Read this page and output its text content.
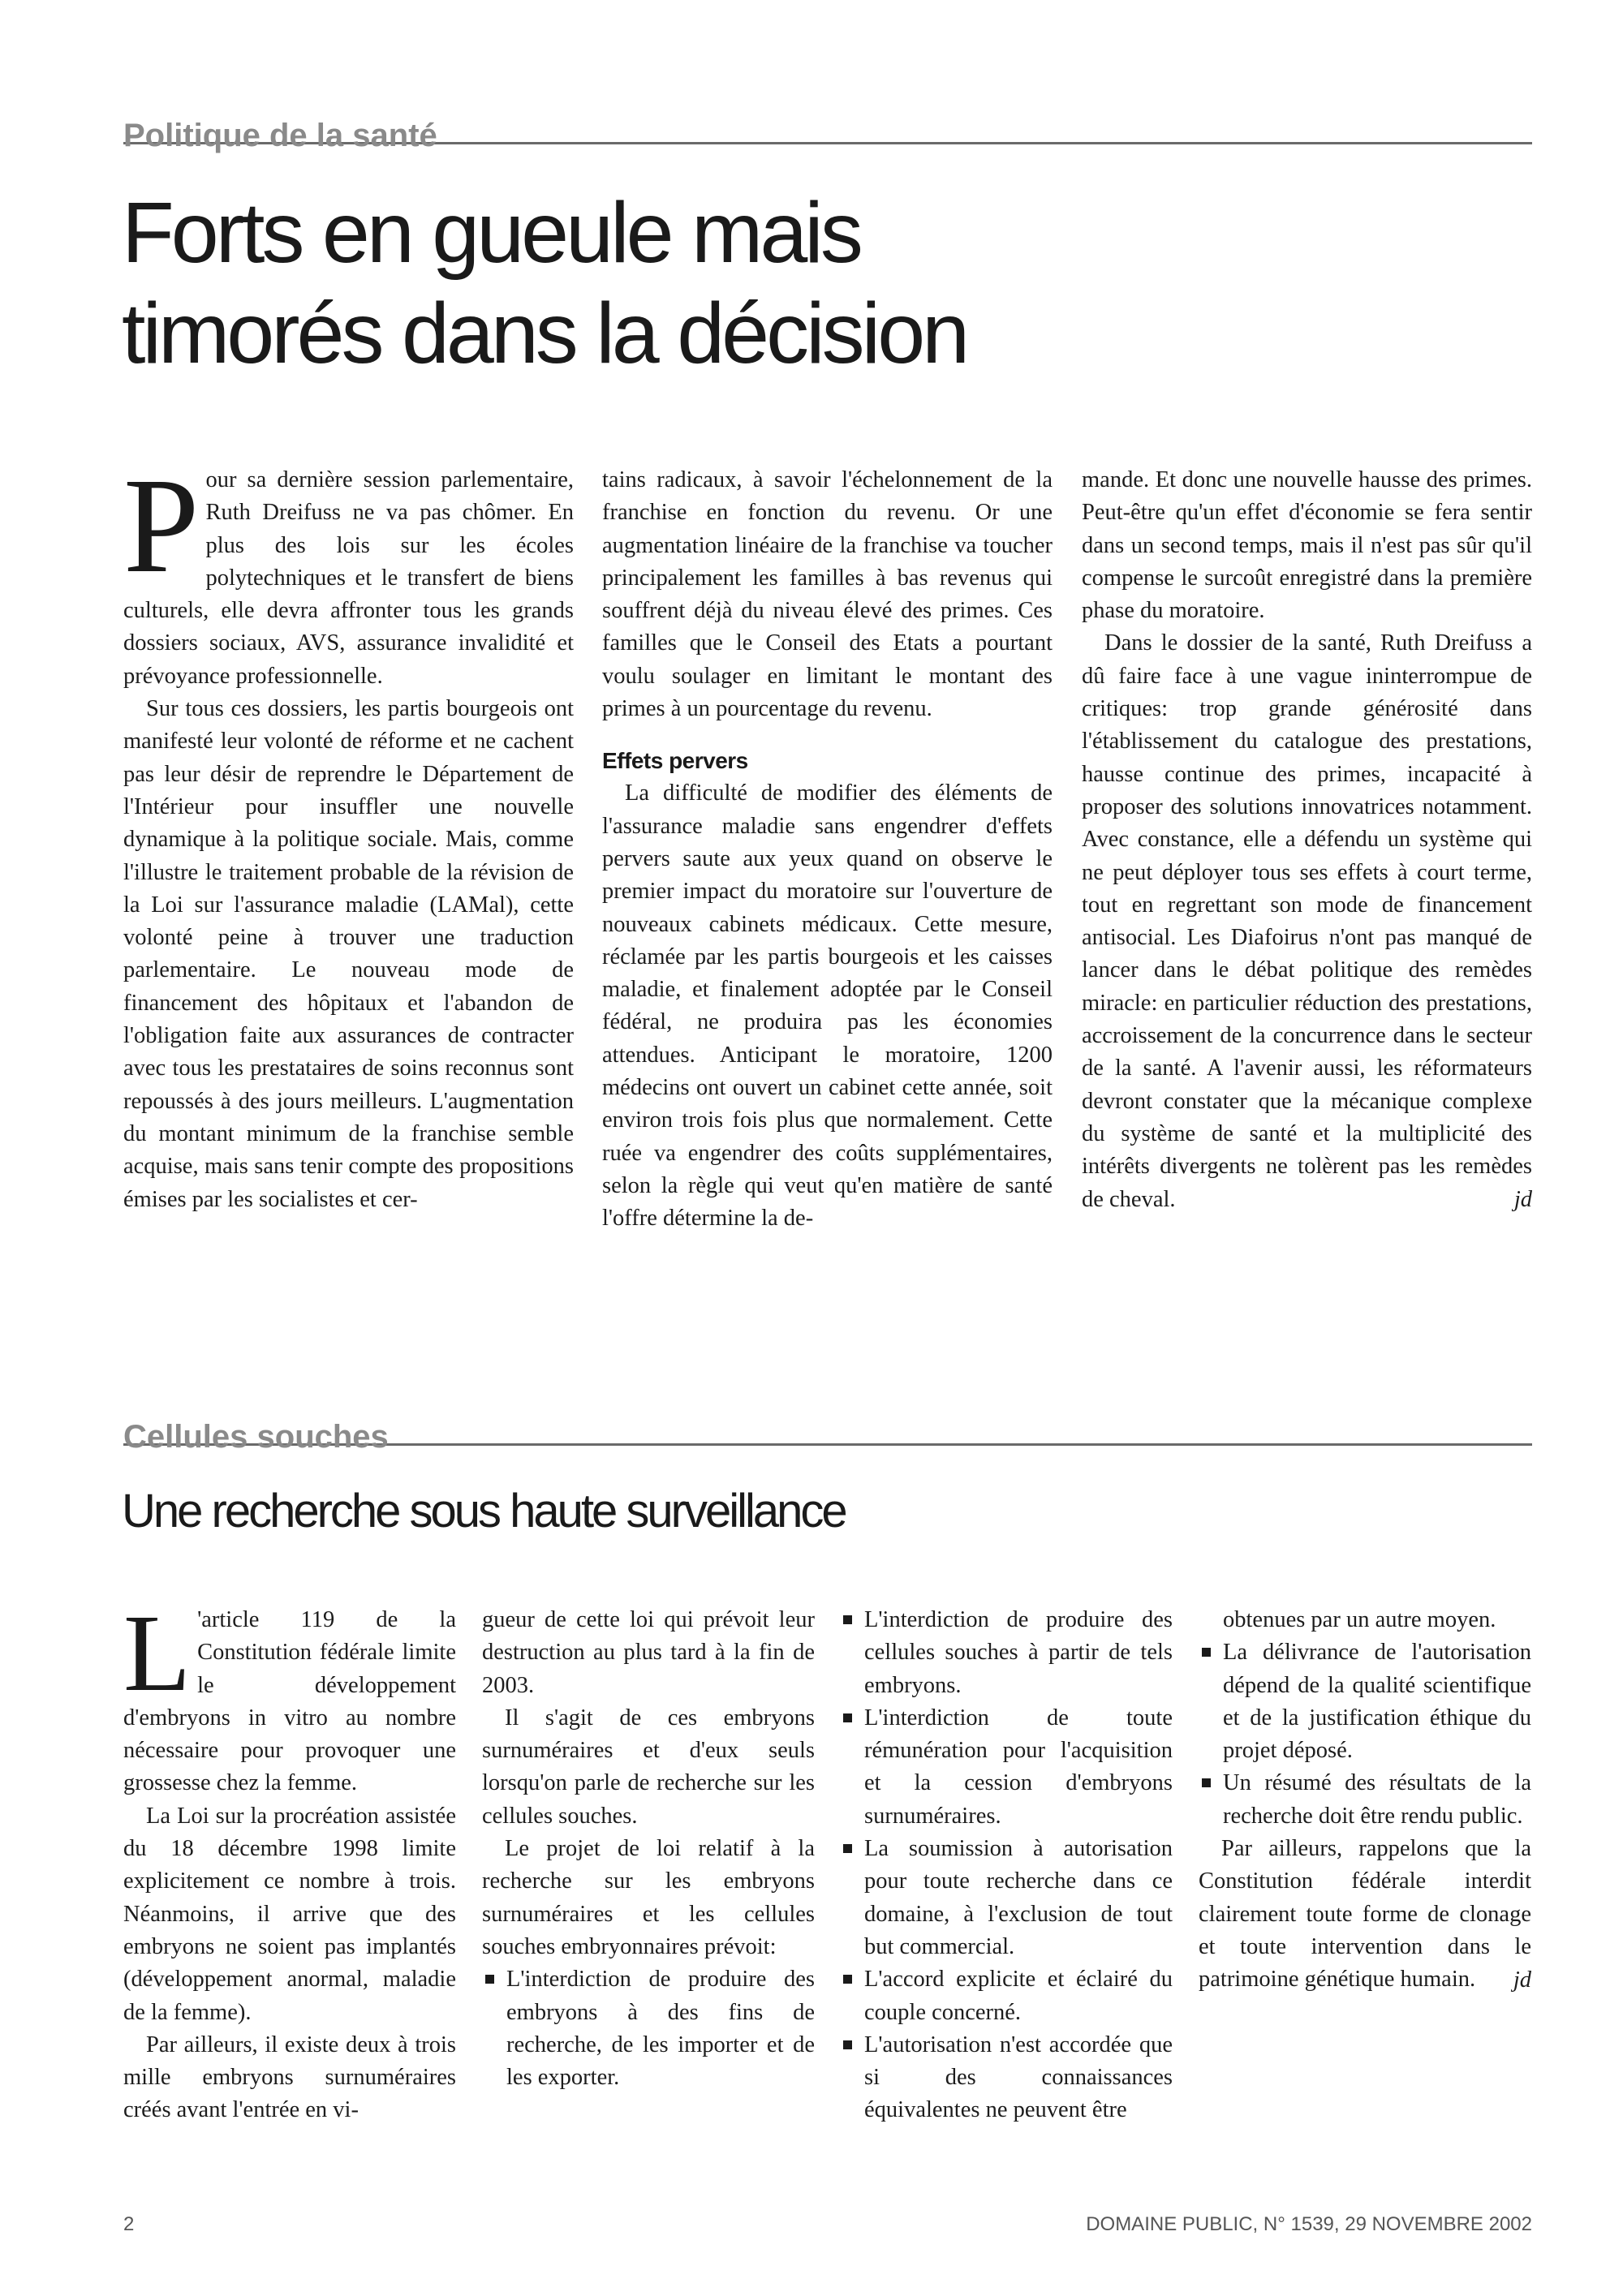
Politique de la santé
Forts en gueule mais
timorés dans la décision

Pour sa dernière session parlementaire, Ruth Dreifuss ne va pas chômer. En plus des lois sur les écoles polytechniques et le transfert de biens culturels, elle devra affronter tous les grands dossiers sociaux, AVS, assurance invalidité et prévoyance professionnelle.

Sur tous ces dossiers, les partis bourgeois ont manifesté leur volonté de réforme et ne cachent pas leur désir de reprendre le Département de l'Intérieur pour insuffler une nouvelle dynamique à la politique sociale. Mais, comme l'illustre le traitement probable de la révision de la Loi sur l'assurance maladie (LAMal), cette volonté peine à trouver une traduction parlementaire. Le nouveau mode de financement des hôpitaux et l'abandon de l'obligation faite aux assurances de contracter avec tous les prestataires de soins reconnus sont repoussés à des jours meilleurs. L'augmentation du montant minimum de la franchise semble acquise, mais sans tenir compte des propositions émises par les socialistes et cer-

tains radicaux, à savoir l'échelonnement de la franchise en fonction du revenu. Or une augmentation linéaire de la franchise va toucher principalement les familles à bas revenus qui souffrent déjà du niveau élevé des primes. Ces familles que le Conseil des Etats a pourtant voulu soulager en limitant le montant des primes à un pourcentage du revenu.

Effets pervers

La difficulté de modifier des éléments de l'assurance maladie sans engendrer d'effets pervers saute aux yeux quand on observe le premier impact du moratoire sur l'ouverture de nouveaux cabinets médicaux. Cette mesure, réclamée par les partis bourgeois et les caisses maladie, et finalement adoptée par le Conseil fédéral, ne produira pas les économies attendues. Anticipant le moratoire, 1200 médecins ont ouvert un cabinet cette année, soit environ trois fois plus que normalement. Cette ruée va engendrer des coûts supplémentaires, selon la règle qui veut qu'en matière de santé l'offre détermine la de-

mande. Et donc une nouvelle hausse des primes. Peut-être qu'un effet d'économie se fera sentir dans un second temps, mais il n'est pas sûr qu'il compense le surcoût enregistré dans la première phase du moratoire.

Dans le dossier de la santé, Ruth Dreifuss a dû faire face à une vague ininterrompue de critiques: trop grande générosité dans l'établissement du catalogue des prestations, hausse continue des primes, incapacité à proposer des solutions innovatrices notamment. Avec constance, elle a défendu un système qui ne peut déployer tous ses effets à court terme, tout en regrettant son mode de financement antisocial. Les Diafoirus n'ont pas manqué de lancer dans le débat politique des remèdes miracle: en particulier réduction des prestations, accroissement de la concurrence dans le secteur de la santé. A l'avenir aussi, les réformateurs devront constater que la mécanique complexe du système de santé et la multiplicité des intérêts divergents ne tolèrent pas les remèdes de cheval.	jd
Cellules souches
Une recherche sous haute surveillance

L 'article 119 de la Constitution fédérale limite le développement d'embryons in vitro au nombre nécessaire pour provoquer une grossesse chez la femme.

La Loi sur la procréation assistée du 18 décembre 1998 limite explicitement ce nombre à trois. Néanmoins, il arrive que des embryons ne soient pas implantés (développement anormal, maladie de la femme).

Par ailleurs, il existe deux à trois mille embryons surnuméraires créés avant l'entrée en vi-

gueur de cette loi qui prévoit leur destruction au plus tard à la fin de 2003.

Il s'agit de ces embryons surnuméraires et d'eux seuls lorsqu'on parle de recherche sur les cellules souches.

Le projet de loi relatif à la recherche sur les embryons surnuméraires et les cellules souches embryonnaires prévoit:

L'interdiction de produire des embryons à des fins de recherche, de les importer et de les exporter.
L'interdiction de produire des cellules souches à partir de tels embryons.
L'interdiction de toute rémunération pour l'acquisition et la cession d'embryons surnuméraires.
La soumission à autorisation pour toute recherche dans ce domaine, à l'exclusion de tout but commercial.
L'accord explicite et éclairé du couple concerné.
L'autorisation n'est accordée que si des connaissances équivalentes ne peuvent être

obtenues par un autre moyen.

La délivrance de l'autorisation dépend de la qualité scientifique et de la justification éthique du projet déposé.
Un résumé des résultats de la recherche doit être rendu public.

Par ailleurs, rappelons que la Constitution fédérale interdit clairement toute forme de clonage et toute intervention dans le patrimoine génétique humain.	jd
2	DOMAINE PUBLIC, N° 1539, 29 NOVEMBRE 2002
